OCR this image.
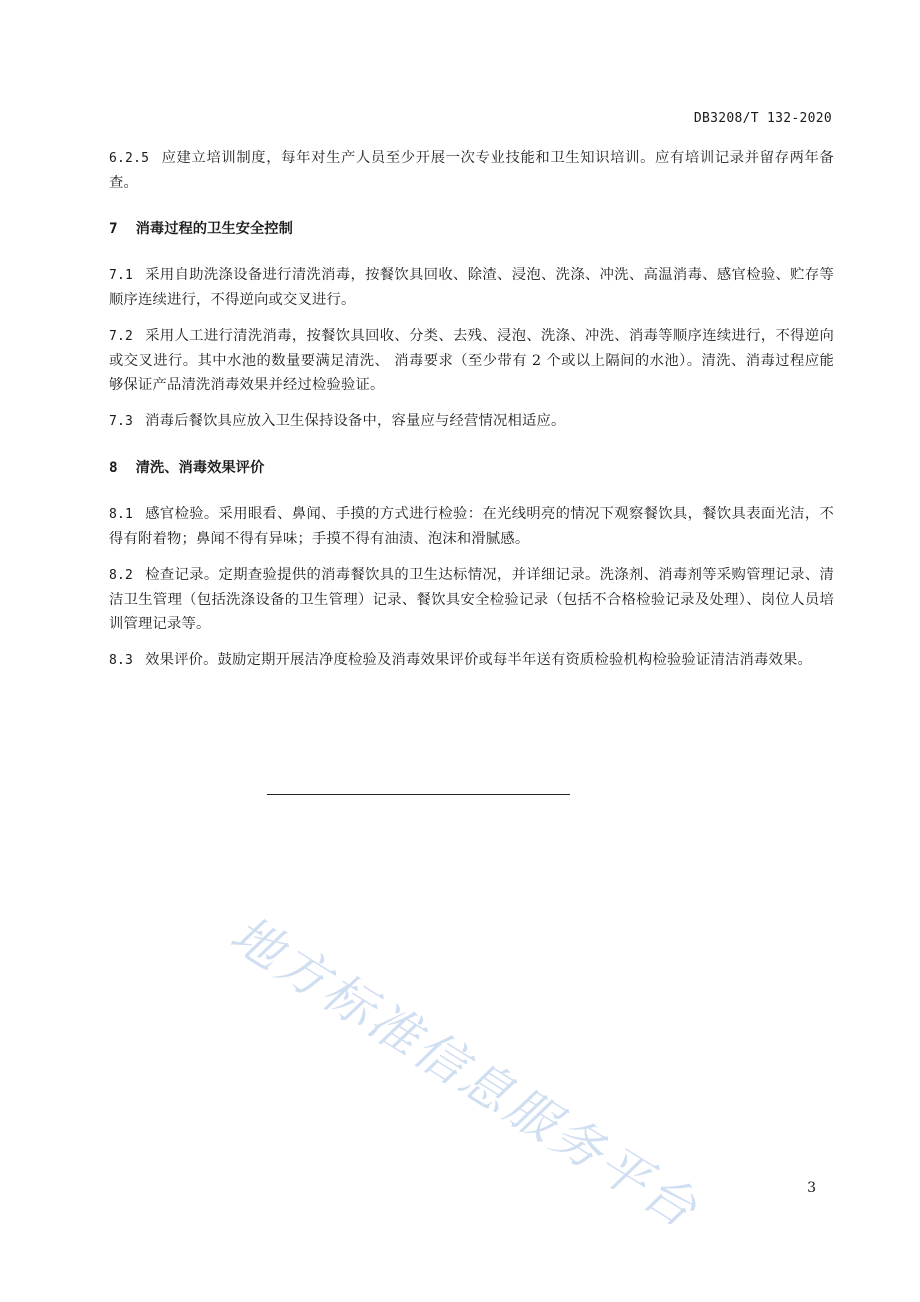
DB3208/T 132-2020

6.2.5 应建立培训制度，每年对生产人员至少开展一次专业技能和卫生知识培训。应有培训记录并留存两年备查。

7 消毒过程的卫生安全控制

7.1 采用自助洗涤设备进行清洗消毒，按餐饮具回收、除渣、浸泡、洗涤、冲洗、高温消毒、感官检验、贮存等顺序连续进行，不得逆向或交叉进行。

7.2 采用人工进行清洗消毒，按餐饮具回收、分类、去残、浸泡、洗涤、冲洗、消毒等顺序连续进行，不得逆向或交叉进行。其中水池的数量要满足清洗、 消毒要求（至少带有 2 个或以上隔间的水池）。清洗、消毒过程应能够保证产品清洗消毒效果并经过检验验证。

7.3 消毒后餐饮具应放入卫生保持设备中，容量应与经营情况相适应。

8 清洗、消毒效果评价

8.1 感官检验。采用眼看、鼻闻、手摸的方式进行检验：在光线明亮的情况下观察餐饮具，餐饮具表面光洁，不得有附着物；鼻闻不得有异味；手摸不得有油渍、泡沫和滑腻感。

8.2 检查记录。定期查验提供的消毒餐饮具的卫生达标情况，并详细记录。洗涤剂、消毒剂等采购管理记录、清洁卫生管理（包括洗涤设备的卫生管理）记录、餐饮具安全检验记录（包括不合格检验记录及处理）、岗位人员培训管理记录等。

8.3 效果评价。鼓励定期开展洁净度检验及消毒效果评价或每半年送有资质检验机构检验验证清洁消毒效果。

地方标准信息服务平台	3
